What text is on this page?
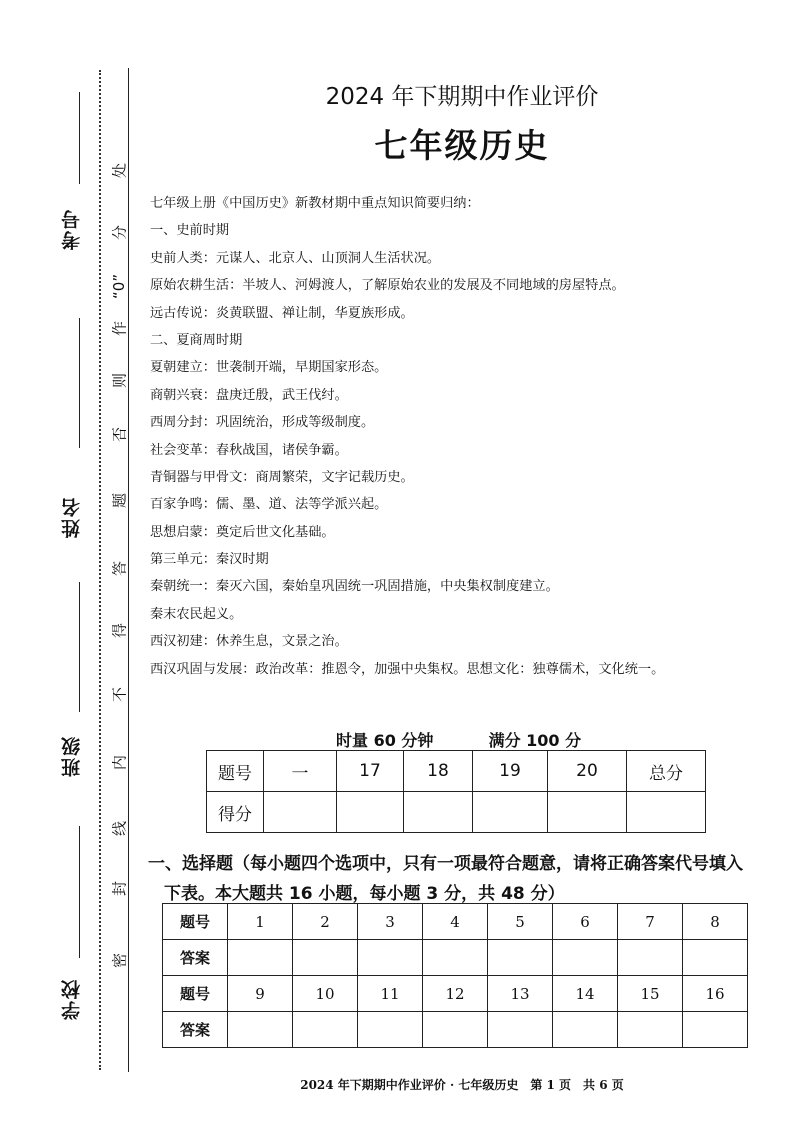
考号
姓名
班级
学校
处
分
“0”
作
则
否
题
答
得
不
内
线
封
密
2024 年下期期中作业评价
七年级历史
七年级上册《中国历史》新教材期中重点知识简要归纳：
一、史前时期
史前人类：元谋人、北京人、山顶洞人生活状况。
原始农耕生活：半坡人、河姆渡人，了解原始农业的发展及不同地域的房屋特点。
远古传说：炎黄联盟、禅让制，华夏族形成。
二、夏商周时期
夏朝建立：世袭制开端，早期国家形态。
商朝兴衰：盘庚迁殷，武王伐纣。
西周分封：巩固统治，形成等级制度。
社会变革：春秋战国，诸侯争霸。
青铜器与甲骨文：商周繁荣，文字记载历史。
百家争鸣：儒、墨、道、法等学派兴起。
思想启蒙：奠定后世文化基础。
第三单元：秦汉时期
秦朝统一：秦灭六国，秦始皇巩固统一巩固措施，中央集权制度建立。
秦末农民起义。
西汉初建：休养生息，文景之治。
西汉巩固与发展：政治改革：推恩令，加强中央集权。思想文化：独尊儒术，文化统一。
时量 60 分钟	满分 100 分
题号	一	17	18	19	20	总分
得分						
一、选择题（每小题四个选项中，只有一项最符合题意，请将正确答案代号填入
下表。本大题共 16 小题，每小题 3 分，共 48 分）
题号	1	2	3	4	5	6	7	8
答案								
题号	9	10	11	12	13	14	15	16
答案								
2024 年下期期中作业评价 · 七年级历史　第 1 页　共 6 页
